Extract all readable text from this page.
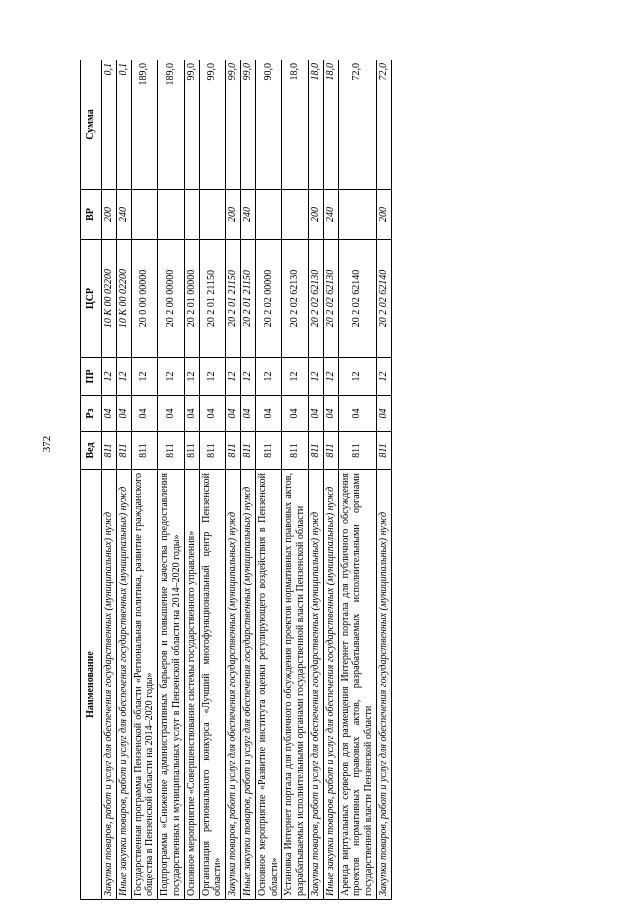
372
Наименование	Вед	Рз	ПР	ЦСР	ВР	Сумма
Закупка товаров, работ и услуг для обеспечения государственных (муниципальных) нужд	811	04	12	10 К 00 02200	200	0,1
Иные закупки товаров, работ и услуг для обеспечения государственных (муниципальных) нужд	811	04	12	10 К 00 02200	240	0,1
Государственная программа Пензенской области «Региональная политика, развитие гражданского общества в Пензенской области на 2014–2020 годы»	811	04	12	20 0 00 00000		189,0
Подпрограмма «Снижение административных барьеров и повышение качества предоставления государственных и муниципальных услуг в Пензенской области на 2014–2020 годы»	811	04	12	20 2 00 00000		189,0
Основное мероприятие «Совершенствование системы государственного управления»	811	04	12	20 2 01 00000		99,0
Организация регионального конкурса «Лучший многофункциональный центр Пензенской области»	811	04	12	20 2 01 21150		99,0
Закупка товаров, работ и услуг для обеспечения государственных (муниципальных) нужд	811	04	12	20 2 01 21150	200	99,0
Иные закупки товаров, работ и услуг для обеспечения государственных (муниципальных) нужд	811	04	12	20 2 01 21150	240	99,0
Основное мероприятие «Развитие института оценки регулирующего воздействия в Пензенской области»	811	04	12	20 2 02 00000		90,0
Установка Интернет портала для публичного обсуждения проектов нормативных правовых актов, разрабатываемых исполнительными органами государственной власти Пензенской области	811	04	12	20 2 02 62130		18,0
Закупка товаров, работ и услуг для обеспечения государственных (муниципальных) нужд	811	04	12	20 2 02 62130	200	18,0
Иные закупки товаров, работ и услуг для обеспечения государственных (муниципальных) нужд	811	04	12	20 2 02 62130	240	18,0
Аренда виртуальных серверов для размещения Интернет портала для публичного обсуждения проектов нормативных правовых актов, разрабатываемых исполнительными органами государственной власти Пензенской области	811	04	12	20 2 02 62140		72,0
Закупка товаров, работ и услуг для обеспечения государственных (муниципальных) нужд	811	04	12	20 2 02 62140	200	72,0
